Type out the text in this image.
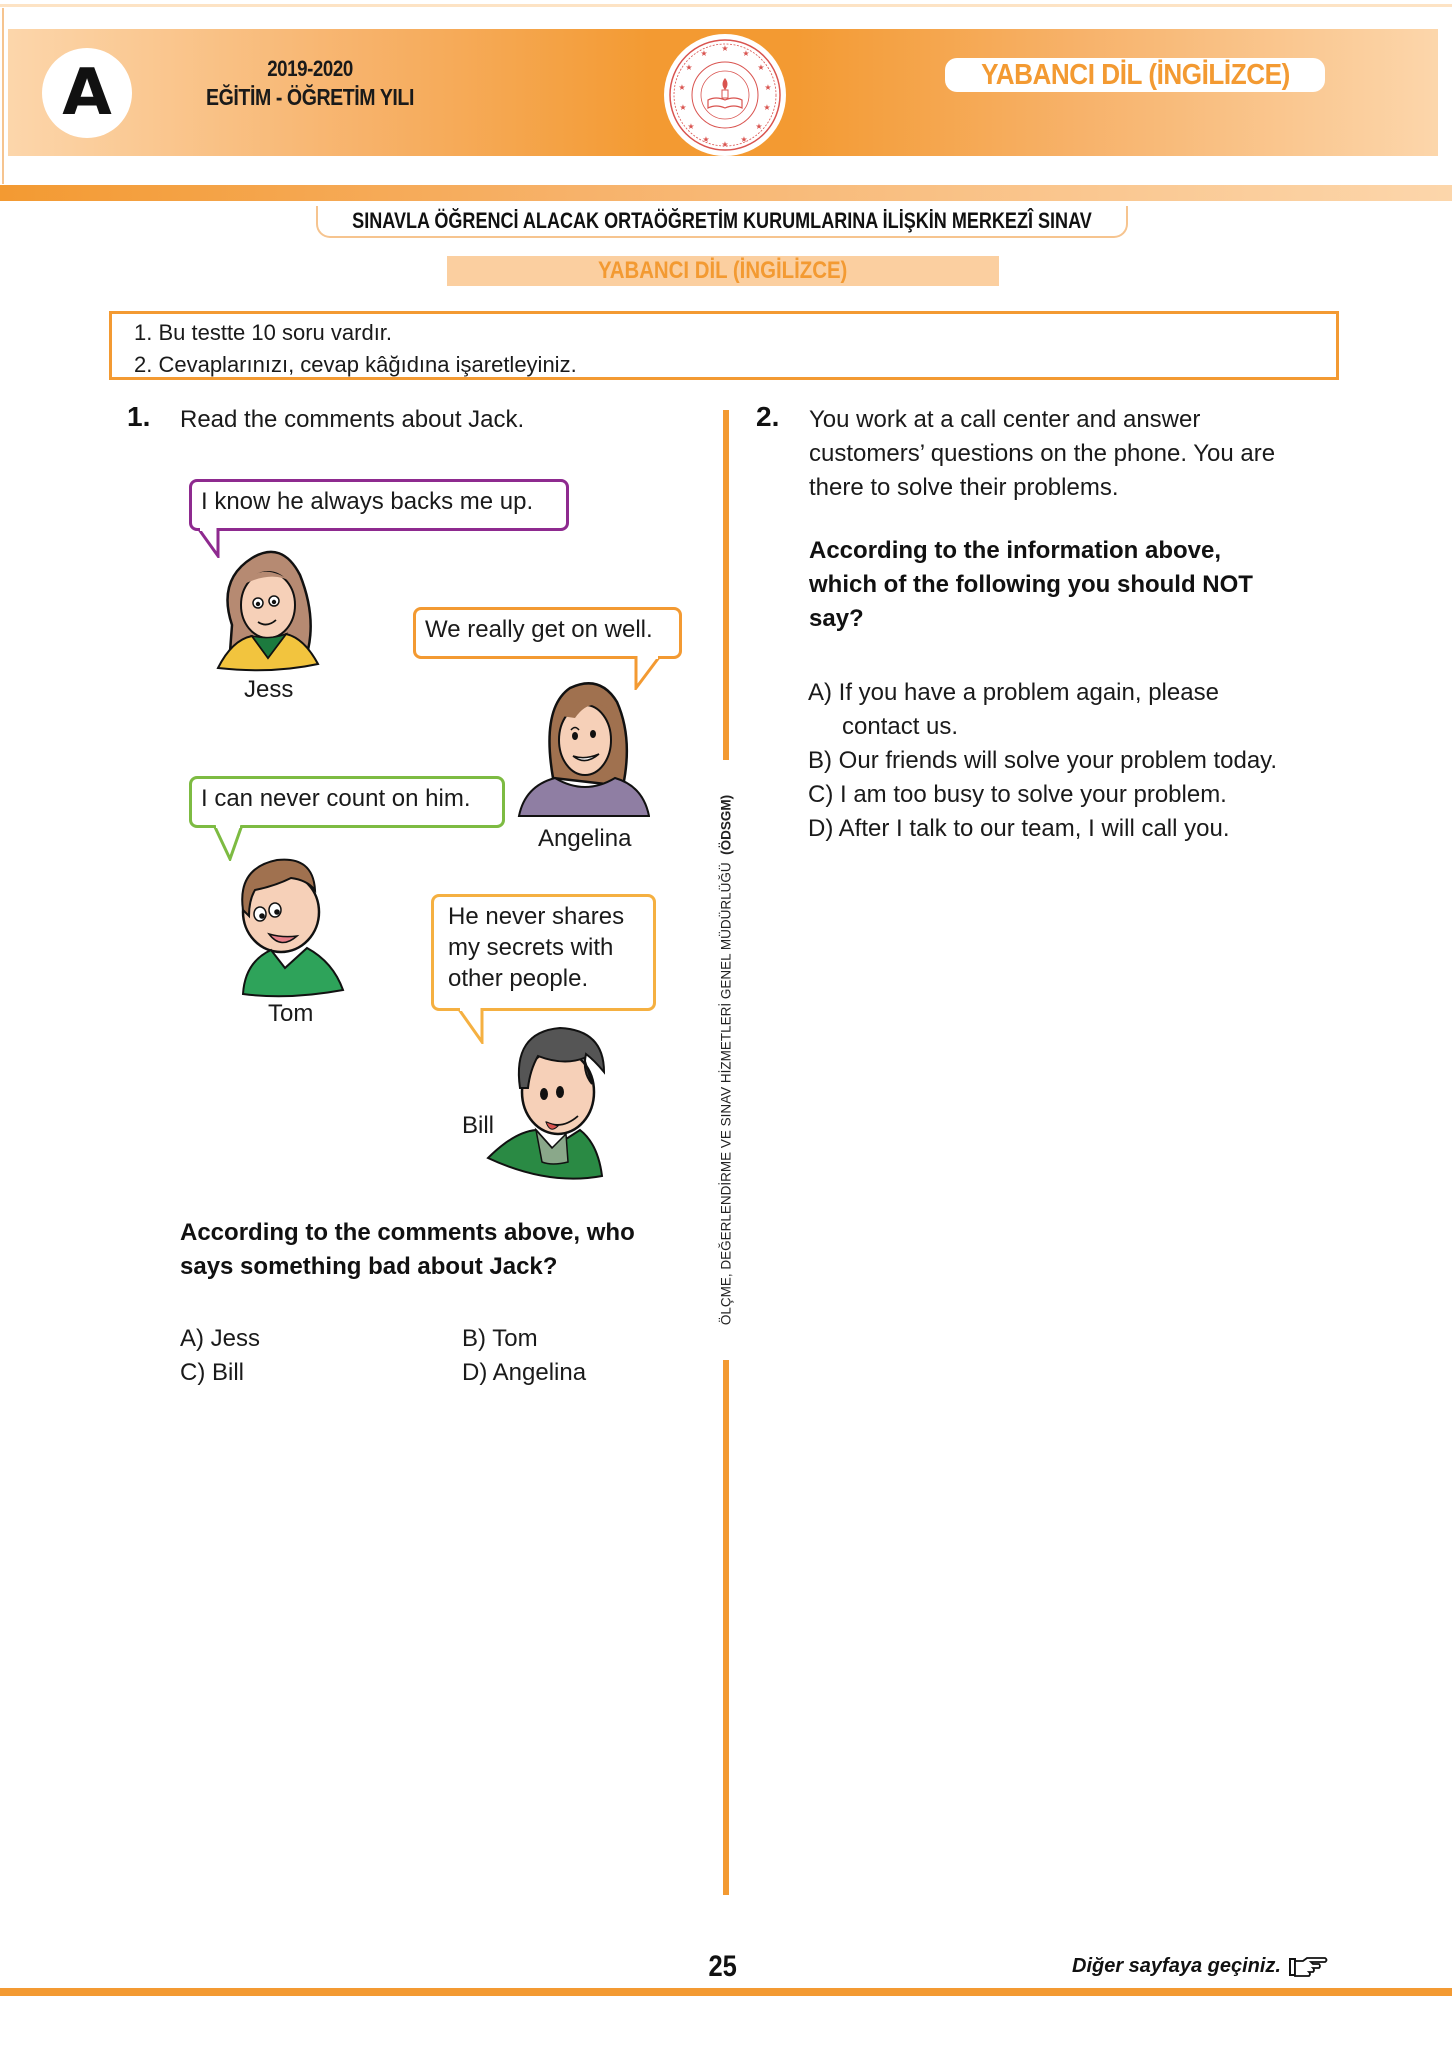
A	2019-2020
EĞİTİM - ÖĞRETİM YILI
★
★
★
★
★
★
★
★
★
★
★
★
★
★
YABANCI DİL (İNGİLİZCE)
SINAVLA ÖĞRENCİ ALACAK ORTAÖĞRETİM KURUMLARINA İLİŞKİN MERKEZÎ SINAV
YABANCI DİL (İNGİLİZCE)
1. Bu testte 10 soru vardır.
2. Cevaplarınızı, cevap kâğıdına işaretleyiniz.
ÖLÇME, DEĞERLENDİRME VE SINAV HİZMETLERİ GENEL MÜDÜRLÜĞÜ  (ÖDSGM)
1. Read the comments about Jack.
I know he always backs me up.
Jess
We really get on well.
Angelina
I can never count on him.
Tom
He never shares
my secrets with
other people.
Bill
According to the comments above, who
says something bad about Jack?
A) Jess	B) Tom
C) Bill	D) Angelina
2. You work at a call center and answer
customers’ questions on the phone. You are
there to solve their problems.
According to the information above,
which of the following you should NOT
say?
A) If you have a problem again, please
contact us.
B) Our friends will solve your problem today.
C) I am too busy to solve your problem.
D) After I talk to our team, I will call you.
25	Diğer sayfaya geçiniz.
